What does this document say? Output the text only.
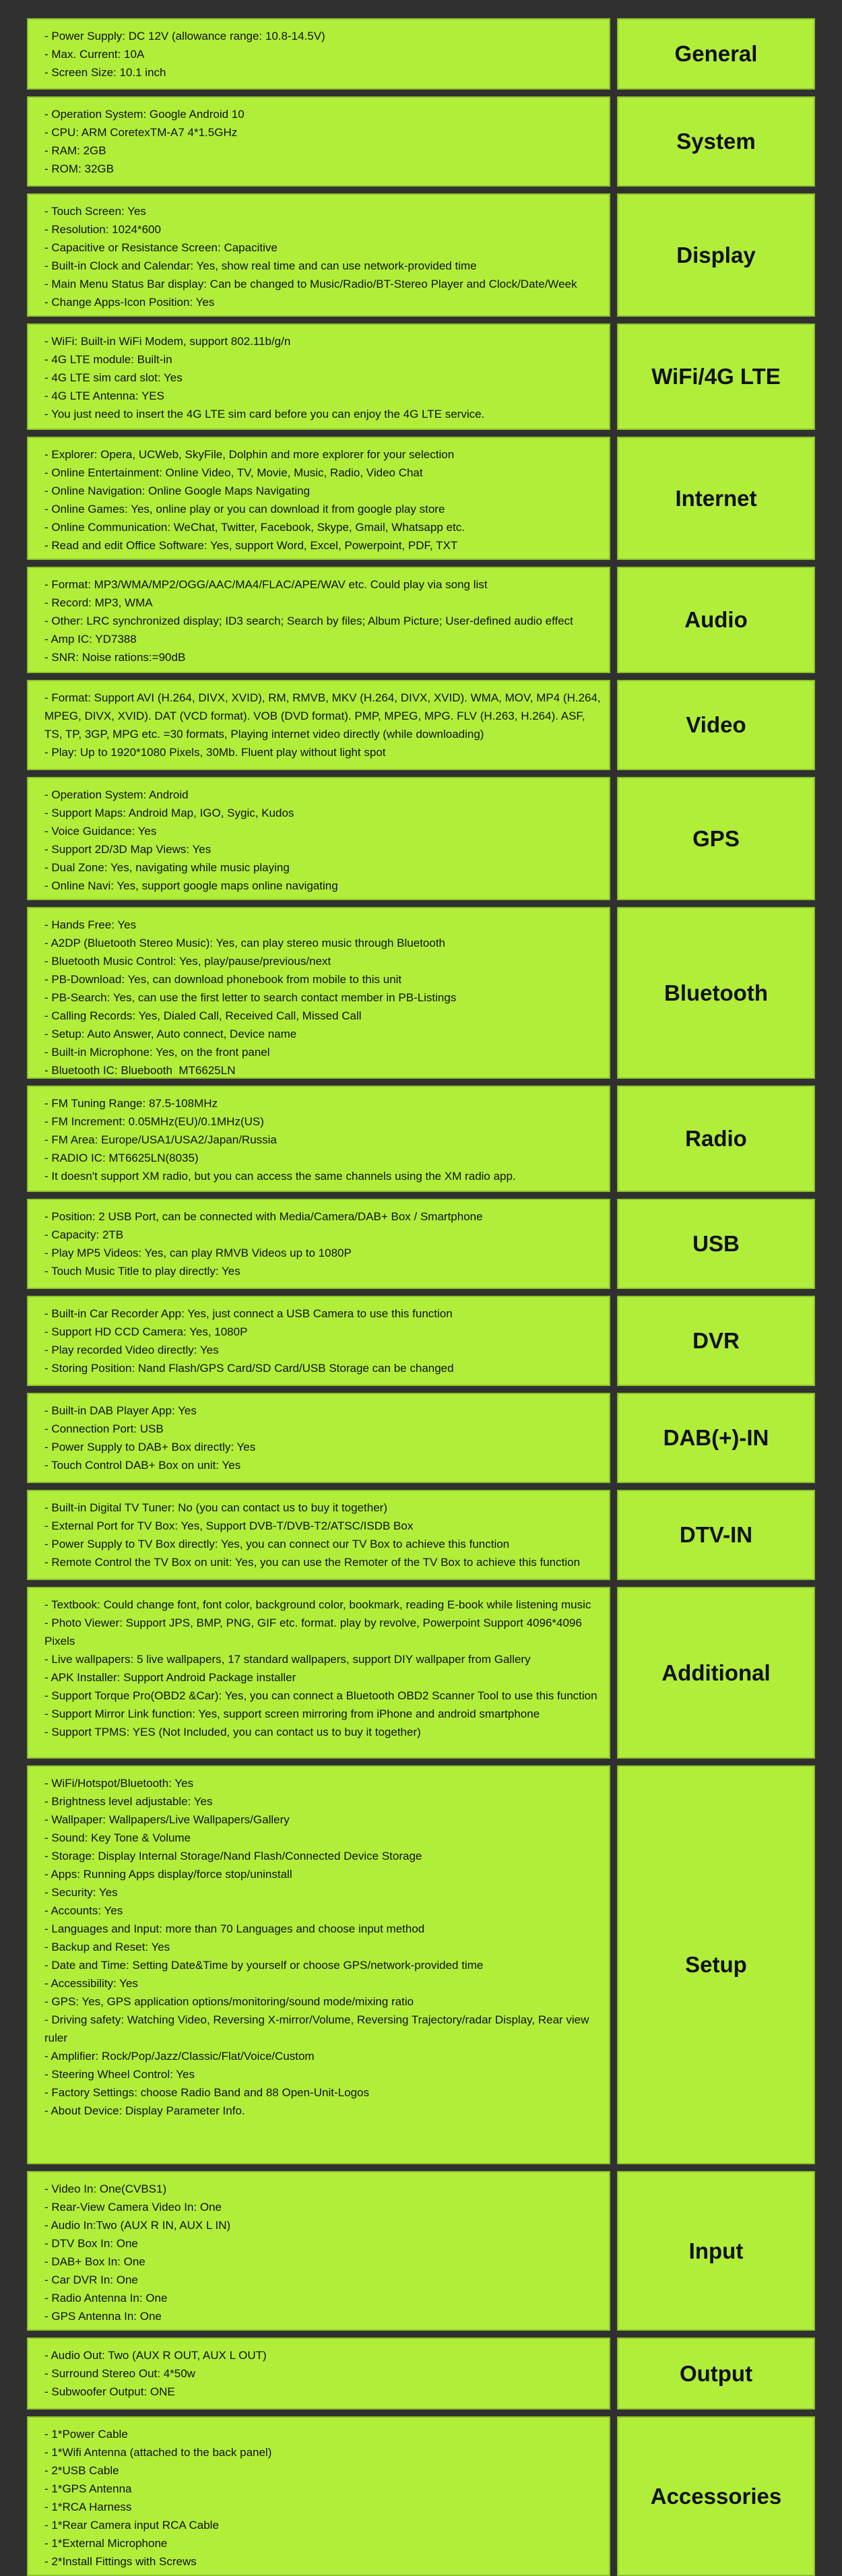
- Power Supply: DC 12V (allowance range: 10.8-14.5V)
- Max. Current: 10A
- Screen Size: 10.1 inch
General
- Operation System: Google Android 10
- CPU: ARM CoretexTM-A7 4*1.5GHz
- RAM: 2GB
- ROM: 32GB
System
- Touch Screen: Yes
- Resolution: 1024*600
- Capacitive or Resistance Screen: Capacitive
- Built-in Clock and Calendar: Yes, show real time and can use network-provided time
- Main Menu Status Bar display: Can be changed to Music/Radio/BT-Stereo Player and Clock/Date/Week
- Change Apps-Icon Position: Yes
Display
- WiFi: Built-in WiFi Modem, support 802.11b/g/n
- 4G LTE module: Built-in
- 4G LTE sim card slot: Yes
- 4G LTE Antenna: YES
- You just need to insert the 4G LTE sim card before you can enjoy the 4G LTE service.
WiFi/4G LTE
- Explorer: Opera, UCWeb, SkyFile, Dolphin and more explorer for your selection
- Online Entertainment: Online Video, TV, Movie, Music, Radio, Video Chat
- Online Navigation: Online Google Maps Navigating
- Online Games: Yes, online play or you can download it from google play store
- Online Communication: WeChat, Twitter, Facebook, Skype, Gmail, Whatsapp etc.
- Read and edit Office Software: Yes, support Word, Excel, Powerpoint, PDF, TXT
Internet
- Format: MP3/WMA/MP2/OGG/AAC/MA4/FLAC/APE/WAV etc. Could play via song list
- Record: MP3, WMA
- Other: LRC synchronized display; ID3 search; Search by files; Album Picture; User-defined audio effect
- Amp IC: YD7388
- SNR: Noise rations:=90dB
Audio
- Format: Support AVI (H.264, DIVX, XVID), RM, RMVB, MKV (H.264, DIVX, XVID). WMA, MOV, MP4 (H.264, MPEG, DIVX, XVID). DAT (VCD format). VOB (DVD format). PMP, MPEG, MPG. FLV (H.263, H.264). ASF, TS, TP, 3GP, MPG etc. =30 formats, Playing internet video directly (while downloading)
- Play: Up to 1920*1080 Pixels, 30Mb. Fluent play without light spot
Video
- Operation System: Android
- Support Maps: Android Map, IGO, Sygic, Kudos
- Voice Guidance: Yes
- Support 2D/3D Map Views: Yes
- Dual Zone: Yes, navigating while music playing
- Online Navi: Yes, support google maps online navigating
GPS
- Hands Free: Yes
- A2DP (Bluetooth Stereo Music): Yes, can play stereo music through Bluetooth
- Bluetooth Music Control: Yes, play/pause/previous/next
- PB-Download: Yes, can download phonebook from mobile to this unit
- PB-Search: Yes, can use the first letter to search contact member in PB-Listings
- Calling Records: Yes, Dialed Call, Received Call, Missed Call
- Setup: Auto Answer, Auto connect, Device name
- Built-in Microphone: Yes, on the front panel
- Bluetooth IC: Bluebooth  MT6625LN
Bluetooth
- FM Tuning Range: 87.5-108MHz
- FM Increment: 0.05MHz(EU)/0.1MHz(US)
- FM Area: Europe/USA1/USA2/Japan/Russia
- RADIO IC: MT6625LN(8035)
- It doesn't support XM radio, but you can access the same channels using the XM radio app.
Radio
- Position: 2 USB Port, can be connected with Media/Camera/DAB+ Box / Smartphone
- Capacity: 2TB
- Play MP5 Videos: Yes, can play RMVB Videos up to 1080P
- Touch Music Title to play directly: Yes
USB
- Built-in Car Recorder App: Yes, just connect a USB Camera to use this function
- Support HD CCD Camera: Yes, 1080P
- Play recorded Video directly: Yes
- Storing Position: Nand Flash/GPS Card/SD Card/USB Storage can be changed
DVR
- Built-in DAB Player App: Yes
- Connection Port: USB
- Power Supply to DAB+ Box directly: Yes
- Touch Control DAB+ Box on unit: Yes
DAB(+)-IN
- Built-in Digital TV Tuner: No (you can contact us to buy it together)
- External Port for TV Box: Yes, Support DVB-T/DVB-T2/ATSC/ISDB Box
- Power Supply to TV Box directly: Yes, you can connect our TV Box to achieve this function
- Remote Control the TV Box on unit: Yes, you can use the Remoter of the TV Box to achieve this function
DTV-IN
- Textbook: Could change font, font color, background color, bookmark, reading E-book while listening music
- Photo Viewer: Support JPS, BMP, PNG, GIF etc. format. play by revolve, Powerpoint Support 4096*4096 Pixels
- Live wallpapers: 5 live wallpapers, 17 standard wallpapers, support DIY wallpaper from Gallery
- APK Installer: Support Android Package installer
- Support Torque Pro(OBD2 &Car): Yes, you can connect a Bluetooth OBD2 Scanner Tool to use this function
- Support Mirror Link function: Yes, support screen mirroring from iPhone and android smartphone
- Support TPMS: YES (Not Included, you can contact us to buy it together)
Additional
- WiFi/Hotspot/Bluetooth: Yes
- Brightness level adjustable: Yes
- Wallpaper: Wallpapers/Live Wallpapers/Gallery
- Sound: Key Tone & Volume
- Storage: Display Internal Storage/Nand Flash/Connected Device Storage
- Apps: Running Apps display/force stop/uninstall
- Security: Yes
- Accounts: Yes
- Languages and Input: more than 70 Languages and choose input method
- Backup and Reset: Yes
- Date and Time: Setting Date&Time by yourself or choose GPS/network-provided time
- Accessibility: Yes
- GPS: Yes, GPS application options/monitoring/sound mode/mixing ratio
- Driving safety: Watching Video, Reversing X-mirror/Volume, Reversing Trajectory/radar Display, Rear view ruler
- Amplifier: Rock/Pop/Jazz/Classic/Flat/Voice/Custom
- Steering Wheel Control: Yes
- Factory Settings: choose Radio Band and 88 Open-Unit-Logos
- About Device: Display Parameter Info.
Setup
- Video In: One(CVBS1)
- Rear-View Camera Video In: One
- Audio In:Two (AUX R IN, AUX L IN)
- DTV Box In: One
- DAB+ Box In: One
- Car DVR In: One
- Radio Antenna In: One
- GPS Antenna In: One
Input
- Audio Out: Two (AUX R OUT, AUX L OUT)
- Surround Stereo Out: 4*50w
- Subwoofer Output: ONE
Output
- 1*Power Cable
- 1*Wifi Antenna (attached to the back panel)
- 2*USB Cable
- 1*GPS Antenna
- 1*RCA Harness
- 1*Rear Camera input RCA Cable
- 1*External Microphone
- 2*Install Fittings with Screws
Accessories
